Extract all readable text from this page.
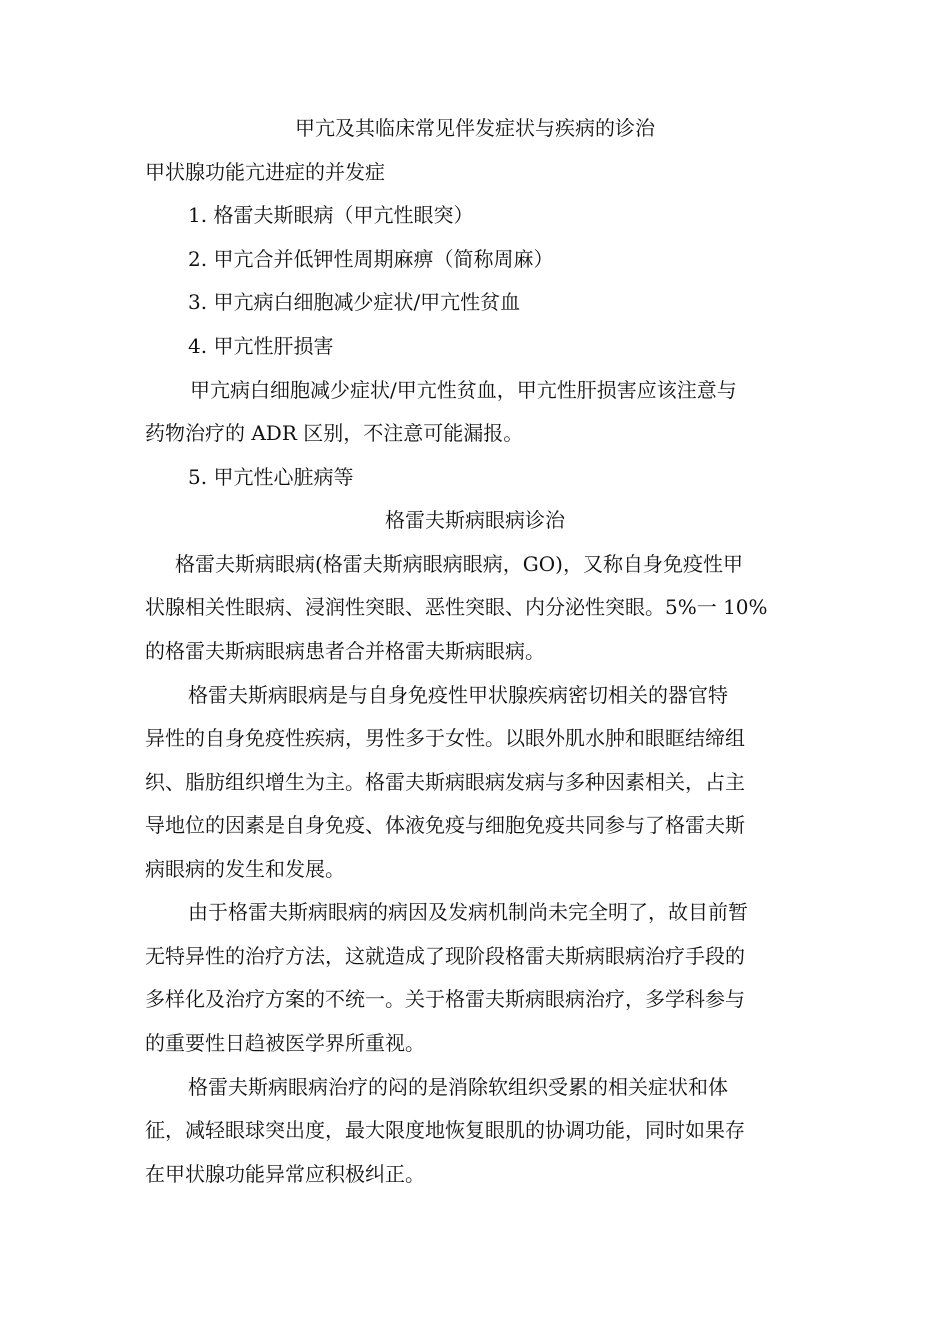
甲亢及其临床常见伴发症状与疾病的诊治
甲状腺功能亢进症的并发症
1. 格雷夫斯眼病（甲亢性眼突）
2. 甲亢合并低钾性周期麻痹（简称周麻）
3. 甲亢病白细胞减少症状/甲亢性贫血
4. 甲亢性肝损害
甲亢病白细胞减少症状/甲亢性贫血，甲亢性肝损害应该注意与
药物治疗的 ADR 区别，不注意可能漏报。
5. 甲亢性心脏病等
格雷夫斯病眼病诊治
格雷夫斯病眼病(格雷夫斯病眼病眼病，GO)，又称自身免疫性甲
状腺相关性眼病、浸润性突眼、恶性突眼、内分泌性突眼。5%一 10%
的格雷夫斯病眼病患者合并格雷夫斯病眼病。
格雷夫斯病眼病是与自身免疫性甲状腺疾病密切相关的器官特
异性的自身免疫性疾病，男性多于女性。以眼外肌水肿和眼眶结缔组
织、脂肪组织增生为主。格雷夫斯病眼病发病与多种因素相关，占主
导地位的因素是自身免疫、体液免疫与细胞免疫共同参与了格雷夫斯
病眼病的发生和发展。
由于格雷夫斯病眼病的病因及发病机制尚未完全明了，故目前暂
无特异性的治疗方法，这就造成了现阶段格雷夫斯病眼病治疗手段的
多样化及治疗方案的不统一。关于格雷夫斯病眼病治疗，多学科参与
的重要性日趋被医学界所重视。
格雷夫斯病眼病治疗的闷的是消除软组织受累的相关症状和体
征，减轻眼球突出度，最大限度地恢复眼肌的协调功能，同时如果存
在甲状腺功能异常应积极纠正。
